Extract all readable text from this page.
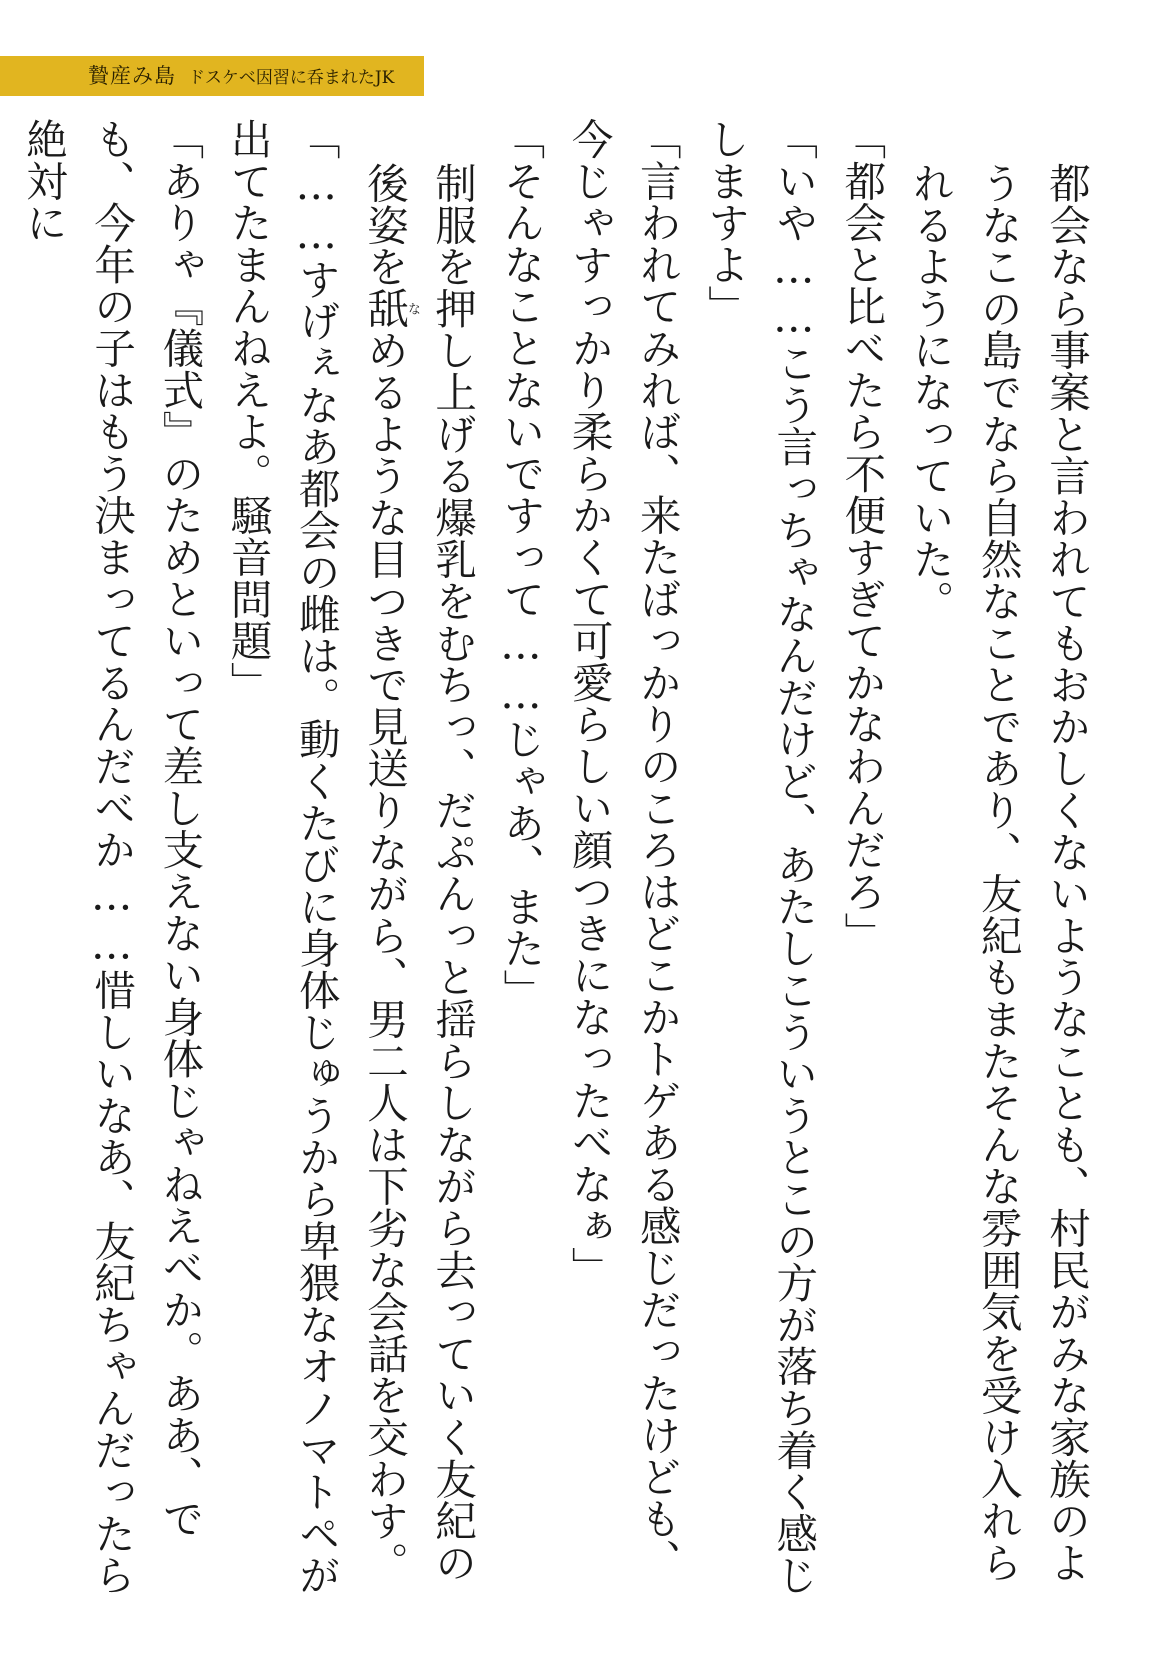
贄産み島 ドスケベ因習に呑まれたJK

都会なら事案と言われてもおかしくないようなことも、村民がみな家族のようなこの島でなら自然なことであり、友紀もまたそんな雰囲気を受け入れられるようになっていた。

「都会と比べたら不便すぎてかなわんだろ」

「いや……こう言っちゃなんだけど、あたしこういうとこの方が落ち着く感じしますよ」

「言われてみれば、来たばっかりのころはどこかトゲある感じだったけども、今じゃすっかり柔らかくて可愛らしい顔つきになったべなぁ」

「そんなことないですって……じゃあ、また」

制服を押し上げる爆乳をむちっ、だぷんっと揺らしながら去っていく友紀の後姿を舐なめるような目つきで見送りながら、男二人は下劣な会話を交わす。

「……すげぇなあ都会の雌は。動くたびに身体じゅうから卑猥なオノマトペが出てたまんねえよ。騒音問題」

「ありゃ『儀式』のためといって差し支えない身体じゃねえべか。ああ、でも、今年の子はもう決まってるんだべか……惜しいなあ、友紀ちゃんだったら絶対に
